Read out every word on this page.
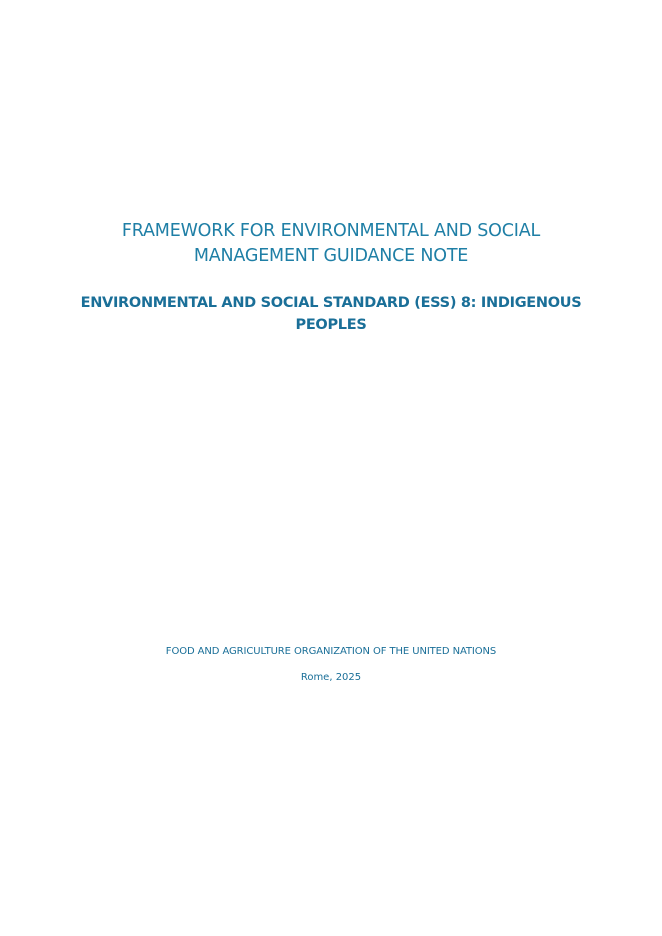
FRAMEWORK FOR ENVIRONMENTAL AND SOCIAL
MANAGEMENT GUIDANCE NOTE
ENVIRONMENTAL AND SOCIAL STANDARD (ESS) 8: INDIGENOUS
PEOPLES

FOOD AND AGRICULTURE ORGANIZATION OF THE UNITED NATIONS

Rome, 2025
